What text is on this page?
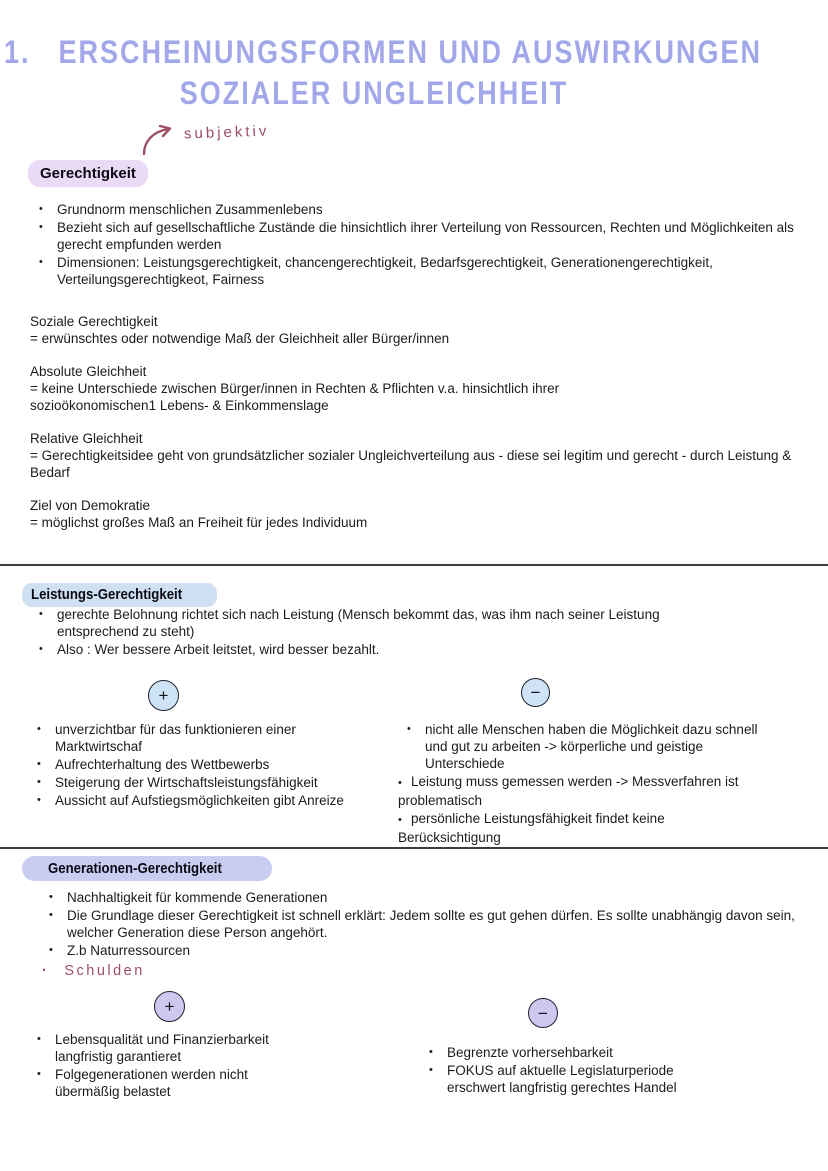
1. ERSCHEINUNGSFORMEN UND AUSWIRKUNGEN
SOZIALER UNGLEICHHEIT
subjektiv
Gerechtigkeit
• Grundnorm menschlichen Zusammenlebens
• Bezieht sich auf gesellschaftliche Zustände die hinsichtlich ihrer Verteilung von Ressourcen, Rechten und Möglichkeiten als gerecht empfunden werden
• Dimensionen: Leistungsgerechtigkeit, chancengerechtigkeit, Bedarfsgerechtigkeit, Generationengerechtigkeit, Verteilungsgerechtigkeot, Fairness
Soziale Gerechtigkeit
= erwünschtes oder notwendige Maß der Gleichheit aller Bürger/innen
Absolute Gleichheit
= keine Unterschiede zwischen Bürger/innen in Rechten & Pflichten v.a. hinsichtlich ihrer sozioökonomischen1 Lebens- & Einkommenslage
Relative Gleichheit
= Gerechtigkeitsidee geht von grundsätzlicher sozialer Ungleichverteilung aus - diese sei legitim und gerecht - durch Leistung & Bedarf
Ziel von Demokratie
= möglichst großes Maß an Freiheit für jedes Individuum
Leistungs-Gerechtigkeit
• gerechte Belohnung richtet sich nach Leistung (Mensch bekommt das, was ihm nach seiner Leistung entsprechend zu steht)
• Also : Wer bessere Arbeit leitstet, wird besser bezahlt.
+	−
• unverzichtbar für das funktionieren einer Marktwirtschaf
• Aufrechterhaltung des Wettbewerbs
• Steigerung der Wirtschaftsleistungsfähigkeit
• Aussicht auf Aufstiegsmöglichkeiten gibt Anreize
• nicht alle Menschen haben die Möglichkeit dazu schnell und gut zu arbeiten -> körperliche und geistige Unterschiede
•   Leistung muss gemessen werden -> Messverfahren ist
problematisch
•   persönliche Leistungsfähigkeit findet keine
Berücksichtigung
Generationen-Gerechtigkeit
• Nachhaltigkeit für kommende Generationen
• Die Grundlage dieser Gerechtigkeit ist schnell erklärt: Jedem sollte es gut gehen dürfen. Es sollte unabhängig davon sein, welcher Generation diese Person angehört.
• Z.b Naturressourcen
· Schulden
+	−
• Lebensqualität und Finanzierbarkeit langfristig garantieret
• Folgegenerationen werden nicht übermäßig belastet
• Begrenzte vorhersehbarkeit
• FOKUS auf aktuelle Legislaturperiode erschwert langfristig gerechtes Handel
